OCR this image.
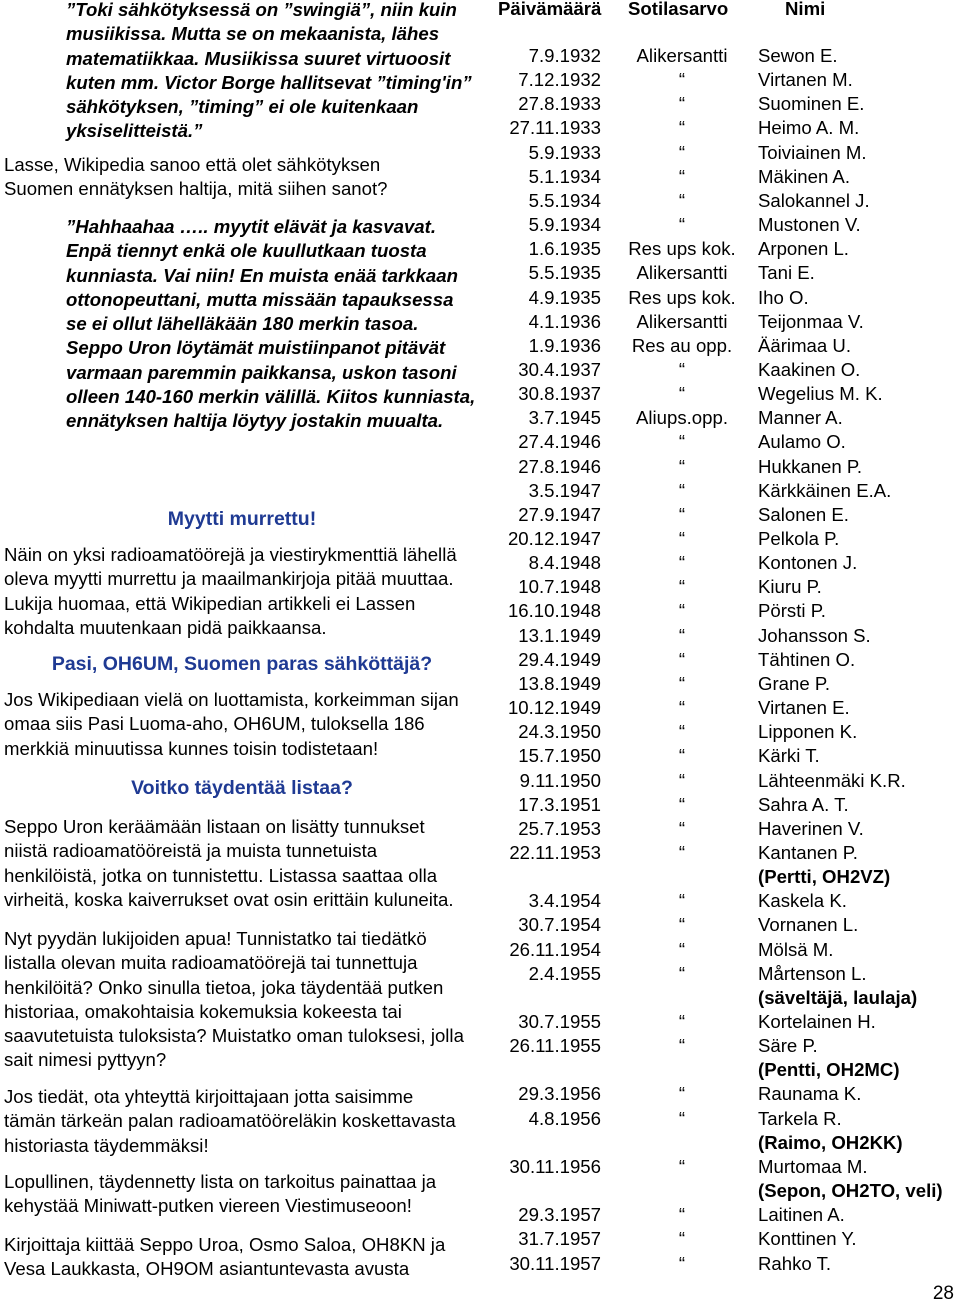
”Toki sähkötyksessä on ”swingiä”, niin kuin musiikissa. Mutta se on mekaanista, lähes matematiikkaa. Musiikissa suuret virtuoosit kuten mm. Victor Borge hallitsevat ”timing'in” sähkötyksen, ”timing” ei ole kuitenkaan yksiselitteistä.”

Lasse, Wikipedia sanoo että olet sähkötyksen Suomen ennätyksen haltija, mitä siihen sanot?

”Hahhaahaa ….. myytit elävät ja kasvavat. Enpä tiennyt enkä ole kuullutkaan tuosta kunniasta. Vai niin! En muista enää tarkkaan ottonopeuttani, mutta missään tapauksessa se ei ollut lähelläkään 180 merkin tasoa. Seppo Uron löytämät muistiinpanot pitävät varmaan paremmin paikkansa, uskon tasoni olleen 140-160 merkin välillä. Kiitos kunniasta, ennätyksen haltija löytyy jostakin muualta.

Myytti murrettu!

Näin on yksi radioamatöörejä ja viestirykmenttiä lähellä oleva myytti murrettu ja maailmankirjoja pitää muuttaa. Lukija huomaa, että Wikipedian artikkeli ei Lassen kohdalta muutenkaan pidä paikkaansa.

Pasi, OH6UM, Suomen paras sähköttäjä?

Jos Wikipediaan vielä on luottamista, korkeimman sijan omaa siis Pasi Luoma-aho, OH6UM, tuloksella 186 merkkiä minuutissa kunnes toisin todistetaan!

Voitko täydentää listaa?

Seppo Uron keräämään listaan on lisätty tunnukset niistä radioamatööreistä ja muista tunnetuista henkilöistä, jotka on tunnistettu. Listassa saattaa olla virheitä, koska kaiverrukset ovat osin erittäin kuluneita.

Nyt pyydän lukijoiden apua! Tunnistatko tai tiedätkö listalla olevan muita radioamatöörejä tai tunnettuja henkilöitä? Onko sinulla tietoa, joka täydentää putken historiaa, omakohtaisia kokemuksia kokeesta tai saavutetuista tuloksista? Muistatko oman tuloksesi, jolla sait nimesi pyttyyn?

Jos tiedät, ota yhteyttä kirjoittajaan jotta saisimme tämän tärkeän palan radioamatööreläkin koskettavasta historiasta täydemmäksi!

Lopullinen, täydennetty lista on tarkoitus painattaa ja kehystää Miniwatt-putken viereen Viestimuseoon!

Kirjoittaja kiittää Seppo Uroa, Osmo Saloa, OH8KN ja Vesa Laukkasta, OH9OM asiantuntevasta avusta

Päivämäärä Sotilasarvo	Nimi
7.9.1932	Alikersantti	Sewon E.
7.12.1932	“	Virtanen M.
27.8.1933	“	Suominen E.
27.11.1933	“	Heimo A. M.
5.9.1933	“	Toiviainen M.
5.1.1934	“	Mäkinen A.
5.5.1934	“	Salokannel J.
5.9.1934	“	Mustonen V.
1.6.1935	Res ups kok.	Arponen L.
5.5.1935	Alikersantti	Tani E.
4.9.1935	Res ups kok.	Iho O.
4.1.1936	Alikersantti	Teijonmaa V.
1.9.1936	Res au opp.	Äärimaa U.
30.4.1937	“	Kaakinen O.
30.8.1937	“	Wegelius M. K.
3.7.1945	Aliups.opp.	Manner A.
27.4.1946	“	Aulamo O.
27.8.1946	“	Hukkanen P.
3.5.1947	“	Kärkkäinen E.A.
27.9.1947	“	Salonen E.
20.12.1947	“	Pelkola P.
8.4.1948	“	Kontonen J.
10.7.1948	“	Kiuru P.
16.10.1948	“	Pörsti P.
13.1.1949	“	Johansson S.
29.4.1949	“	Tähtinen O.
13.8.1949	“	Grane P.
10.12.1949	“	Virtanen E.
24.3.1950	“	Lipponen K.
15.7.1950	“	Kärki T.
9.11.1950	“	Lähteenmäki K.R.
17.3.1951	“	Sahra A. T.
25.7.1953	“	Haverinen V.
22.11.1953	“	Kantanen P.
(Pertti, OH2VZ)
3.4.1954	“	Kaskela K.
30.7.1954	“	Vornanen L.
26.11.1954	“	Mölsä M.
2.4.1955	“	Mårtenson L.
(säveltäjä, laulaja)
30.7.1955	“	Kortelainen H.
26.11.1955	“	Säre P.
(Pentti, OH2MC)
29.3.1956	“	Raunama K.
4.8.1956	“	Tarkela R.
(Raimo, OH2KK)
30.11.1956	“	Murtomaa M.
(Sepon, OH2TO, veli)
29.3.1957	“	Laitinen A.
31.7.1957	“	Konttinen Y.
30.11.1957	“	Rahko T.
28
